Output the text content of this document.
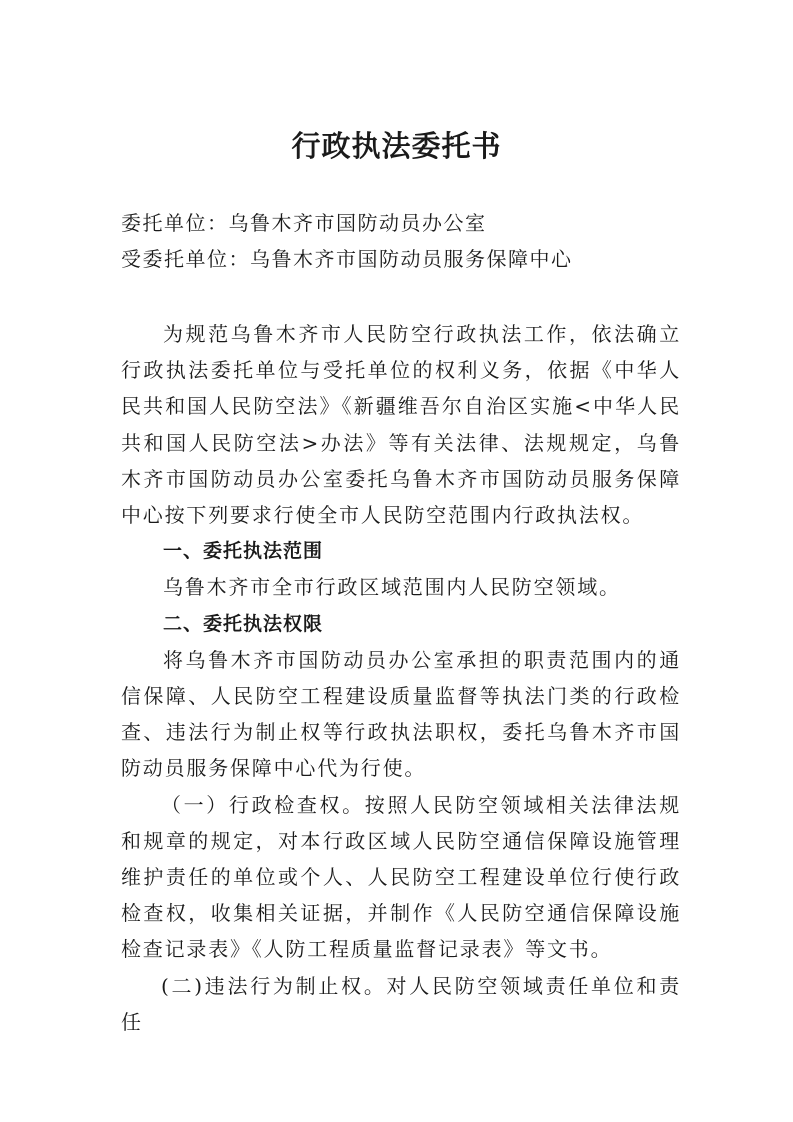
行政执法委托书
委托单位：乌鲁木齐市国防动员办公室
受委托单位：乌鲁木齐市国防动员服务保障中心

为规范乌鲁木齐市人民防空行政执法工作，依法确立行政执法委托单位与受托单位的权利义务，依据《中华人民共和国人民防空法》《新疆维吾尔自治区实施<中华人民共和国人民防空法>办法》等有关法律、法规规定，乌鲁木齐市国防动员办公室委托乌鲁木齐市国防动员服务保障中心按下列要求行使全市人民防空范围内行政执法权。

一、委托执法范围

乌鲁木齐市全市行政区域范围内人民防空领域。

二、委托执法权限

将乌鲁木齐市国防动员办公室承担的职责范围内的通信保障、人民防空工程建设质量监督等执法门类的行政检查、违法行为制止权等行政执法职权，委托乌鲁木齐市国防动员服务保障中心代为行使。

（一）行政检查权。按照人民防空领域相关法律法规和规章的规定，对本行政区域人民防空通信保障设施管理维护责任的单位或个人、人民防空工程建设单位行使行政检查权，收集相关证据，并制作《人民防空通信保障设施检查记录表》《人防工程质量监督记录表》等文书。

(二)违法行为制止权。对人民防空领域责任单位和责任
